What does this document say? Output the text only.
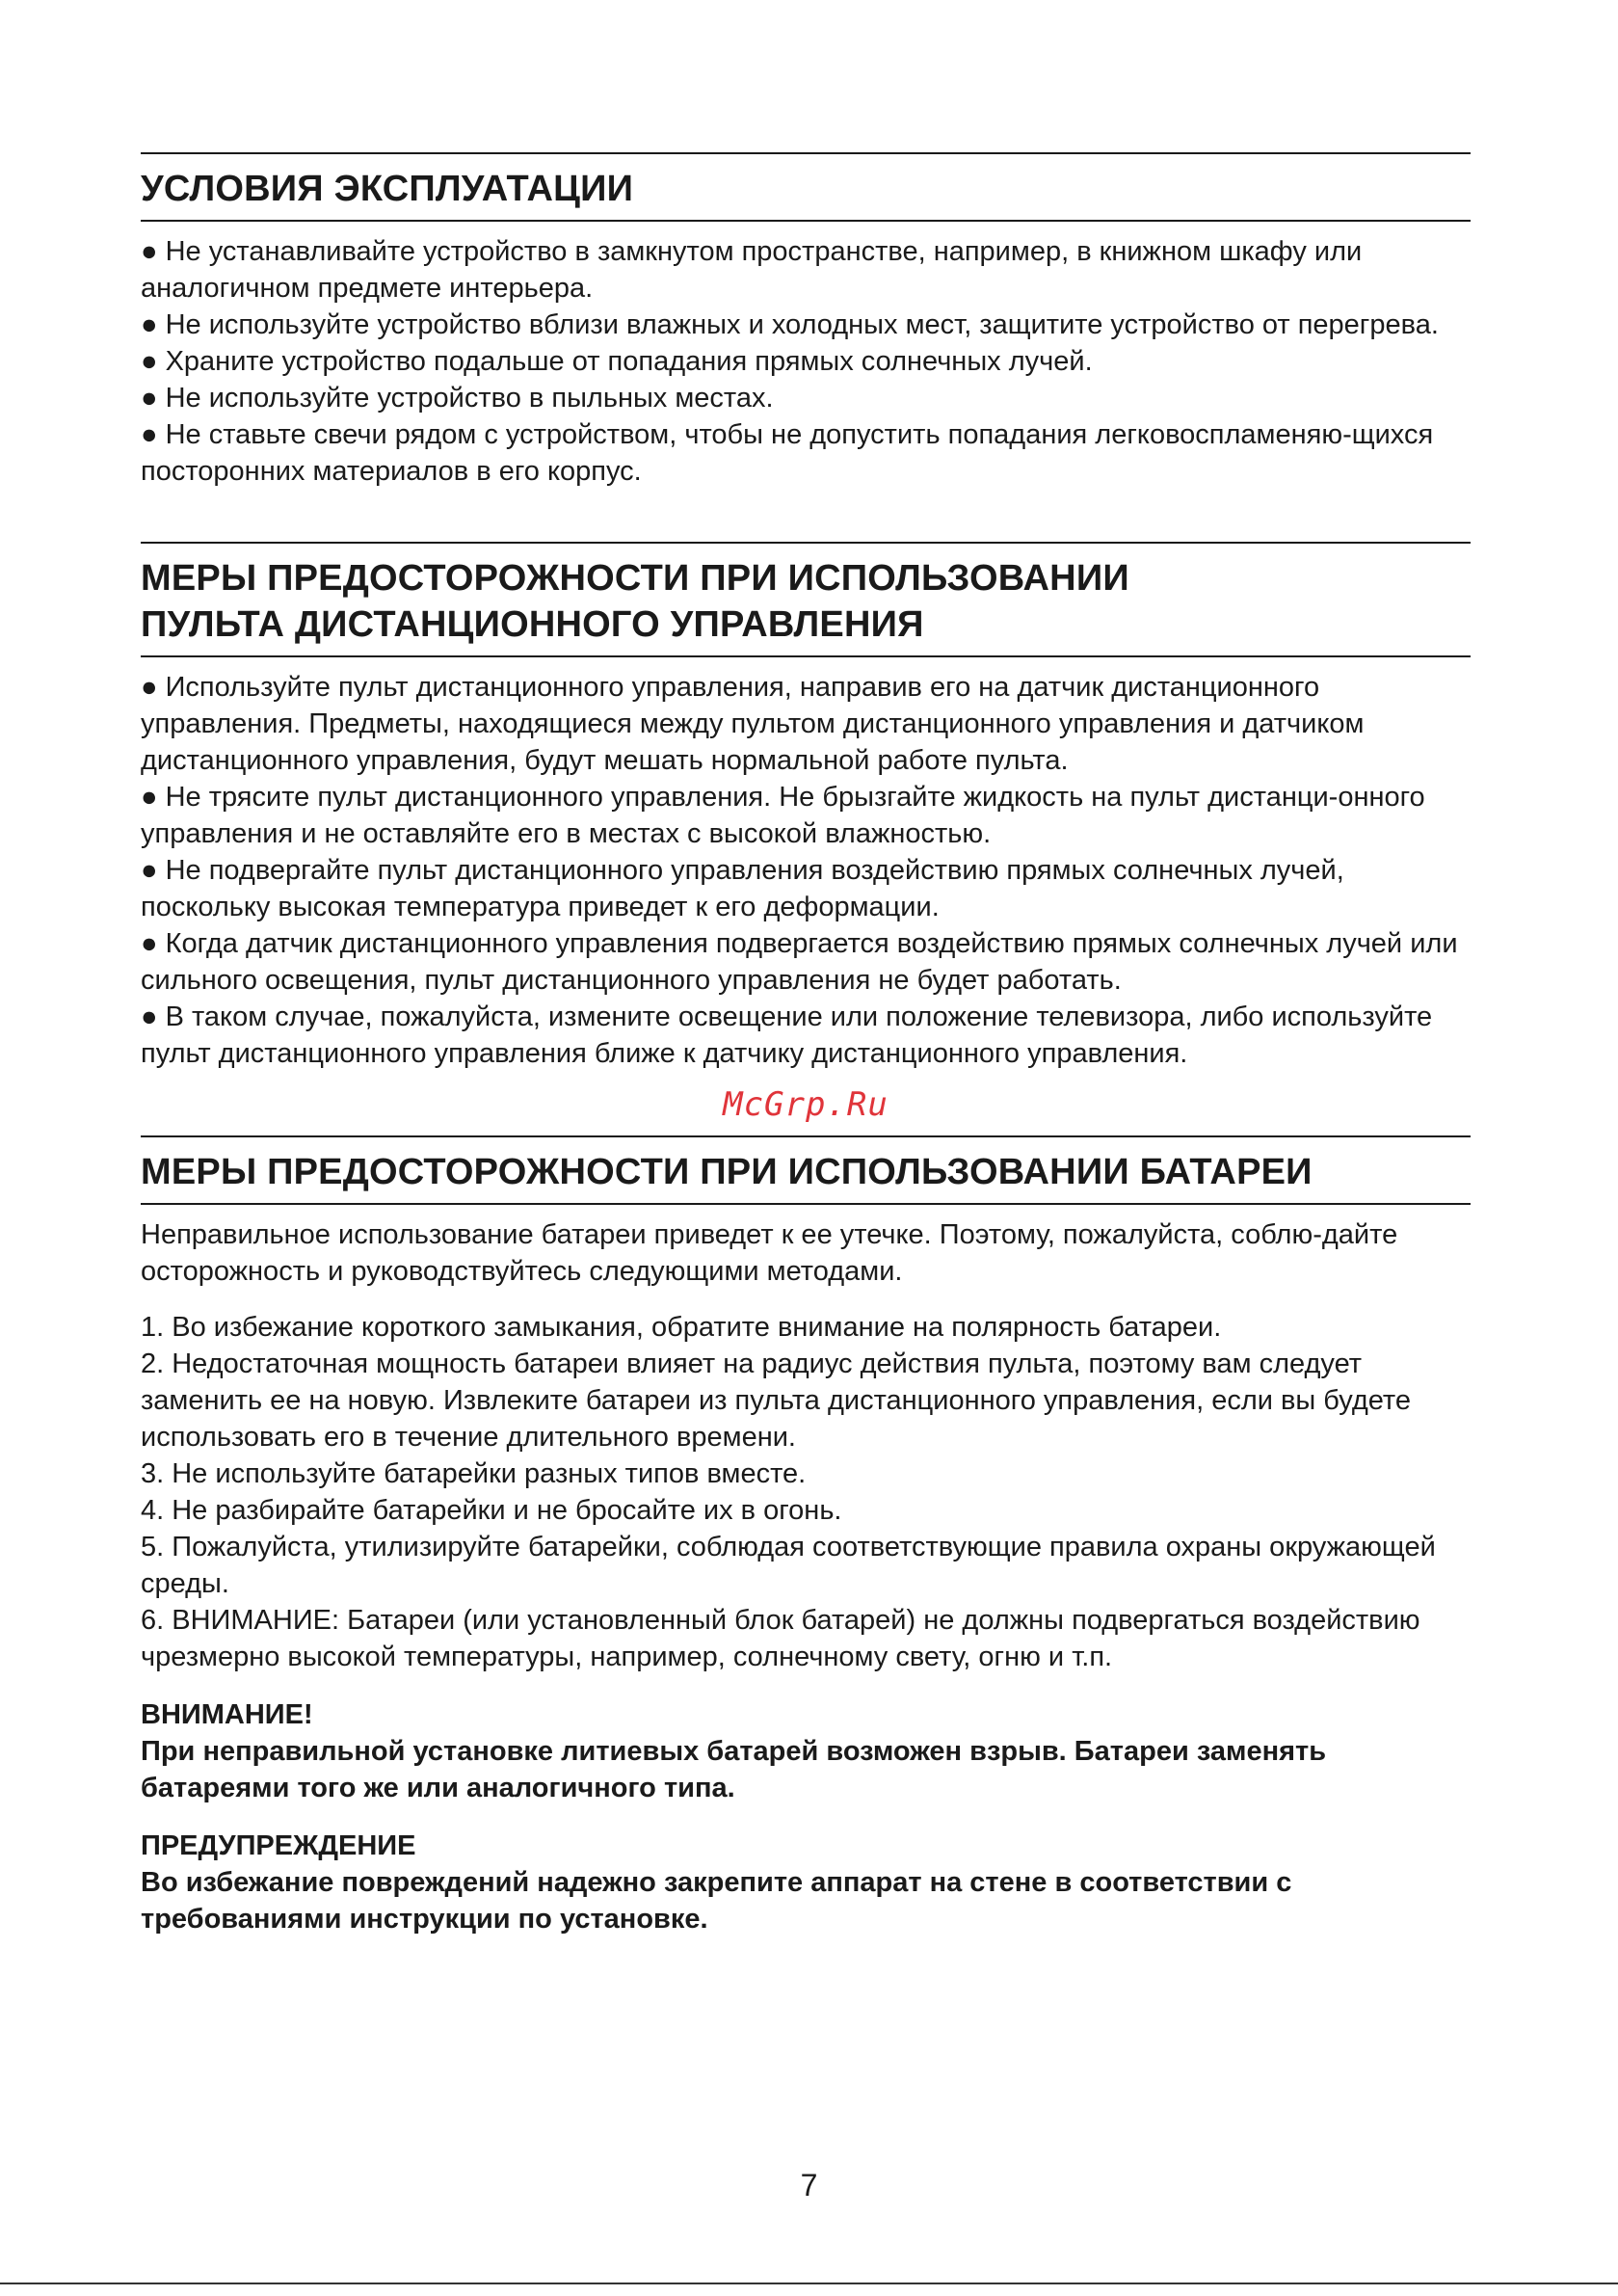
УСЛОВИЯ ЭКСПЛУАТАЦИИ

● Не устанавливайте устройство в замкнутом пространстве, например, в книжном шкафу или аналогичном предмете интерьера.

● Не используйте устройство вблизи влажных и холодных мест, защитите устройство от перегрева.

● Храните устройство подальше от попадания прямых солнечных лучей.

● Не используйте устройство в пыльных местах.

● Не ставьте свечи рядом с устройством, чтобы не допустить попадания легковоспламеняю-щихся посторонних материалов в его корпус.

МЕРЫ ПРЕДОСТОРОЖНОСТИ ПРИ ИСПОЛЬЗОВАНИИ
ПУЛЬТА ДИСТАНЦИОННОГО УПРАВЛЕНИЯ

● Используйте пульт дистанционного управления, направив его на датчик дистанционного управления. Предметы, находящиеся между пультом дистанционного управления и датчиком дистанционного управления, будут мешать нормальной работе пульта.

● Не трясите пульт дистанционного управления. Не брызгайте жидкость на пульт дистанци-онного управления и не оставляйте его в местах с высокой влажностью.

● Не подвергайте пульт дистанционного управления воздействию прямых солнечных лучей, поскольку высокая температура приведет к его деформации.

● Когда датчик дистанционного управления подвергается воздействию прямых солнечных лучей или сильного освещения, пульт дистанционного управления не будет работать.

● В таком случае, пожалуйста, измените освещение или положение телевизора, либо используйте пульт дистанционного управления ближе к датчику дистанционного управления.

McGrp.Ru
МЕРЫ ПРЕДОСТОРОЖНОСТИ ПРИ ИСПОЛЬЗОВАНИИ БАТАРЕИ

Неправильное использование батареи приведет к ее утечке. Поэтому, пожалуйста, соблю-дайте осторожность и руководствуйтесь следующими методами.

1. Во избежание короткого замыкания, обратите внимание на полярность батареи.

2. Недостаточная мощность батареи влияет на радиус действия пульта, поэтому вам следует заменить ее на новую. Извлеките батареи из пульта дистанционного управления, если вы будете использовать его в течение длительного времени.

3. Не используйте батарейки разных типов вместе.

4. Не разбирайте батарейки и не бросайте их в огонь.

5. Пожалуйста, утилизируйте батарейки, соблюдая соответствующие правила охраны окружающей среды.

6. ВНИМАНИЕ: Батареи (или установленный блок батарей) не должны подвергаться воздействию чрезмерно высокой температуры, например, солнечному свету, огню и т.п.

ВНИМАНИЕ!

При неправильной установке литиевых батарей возможен взрыв. Батареи заменять батареями того же или аналогичного типа.

ПРЕДУПРЕЖДЕНИЕ

Во избежание повреждений надежно закрепите аппарат на стене в соответствии с требованиями инструкции по установке.

7
